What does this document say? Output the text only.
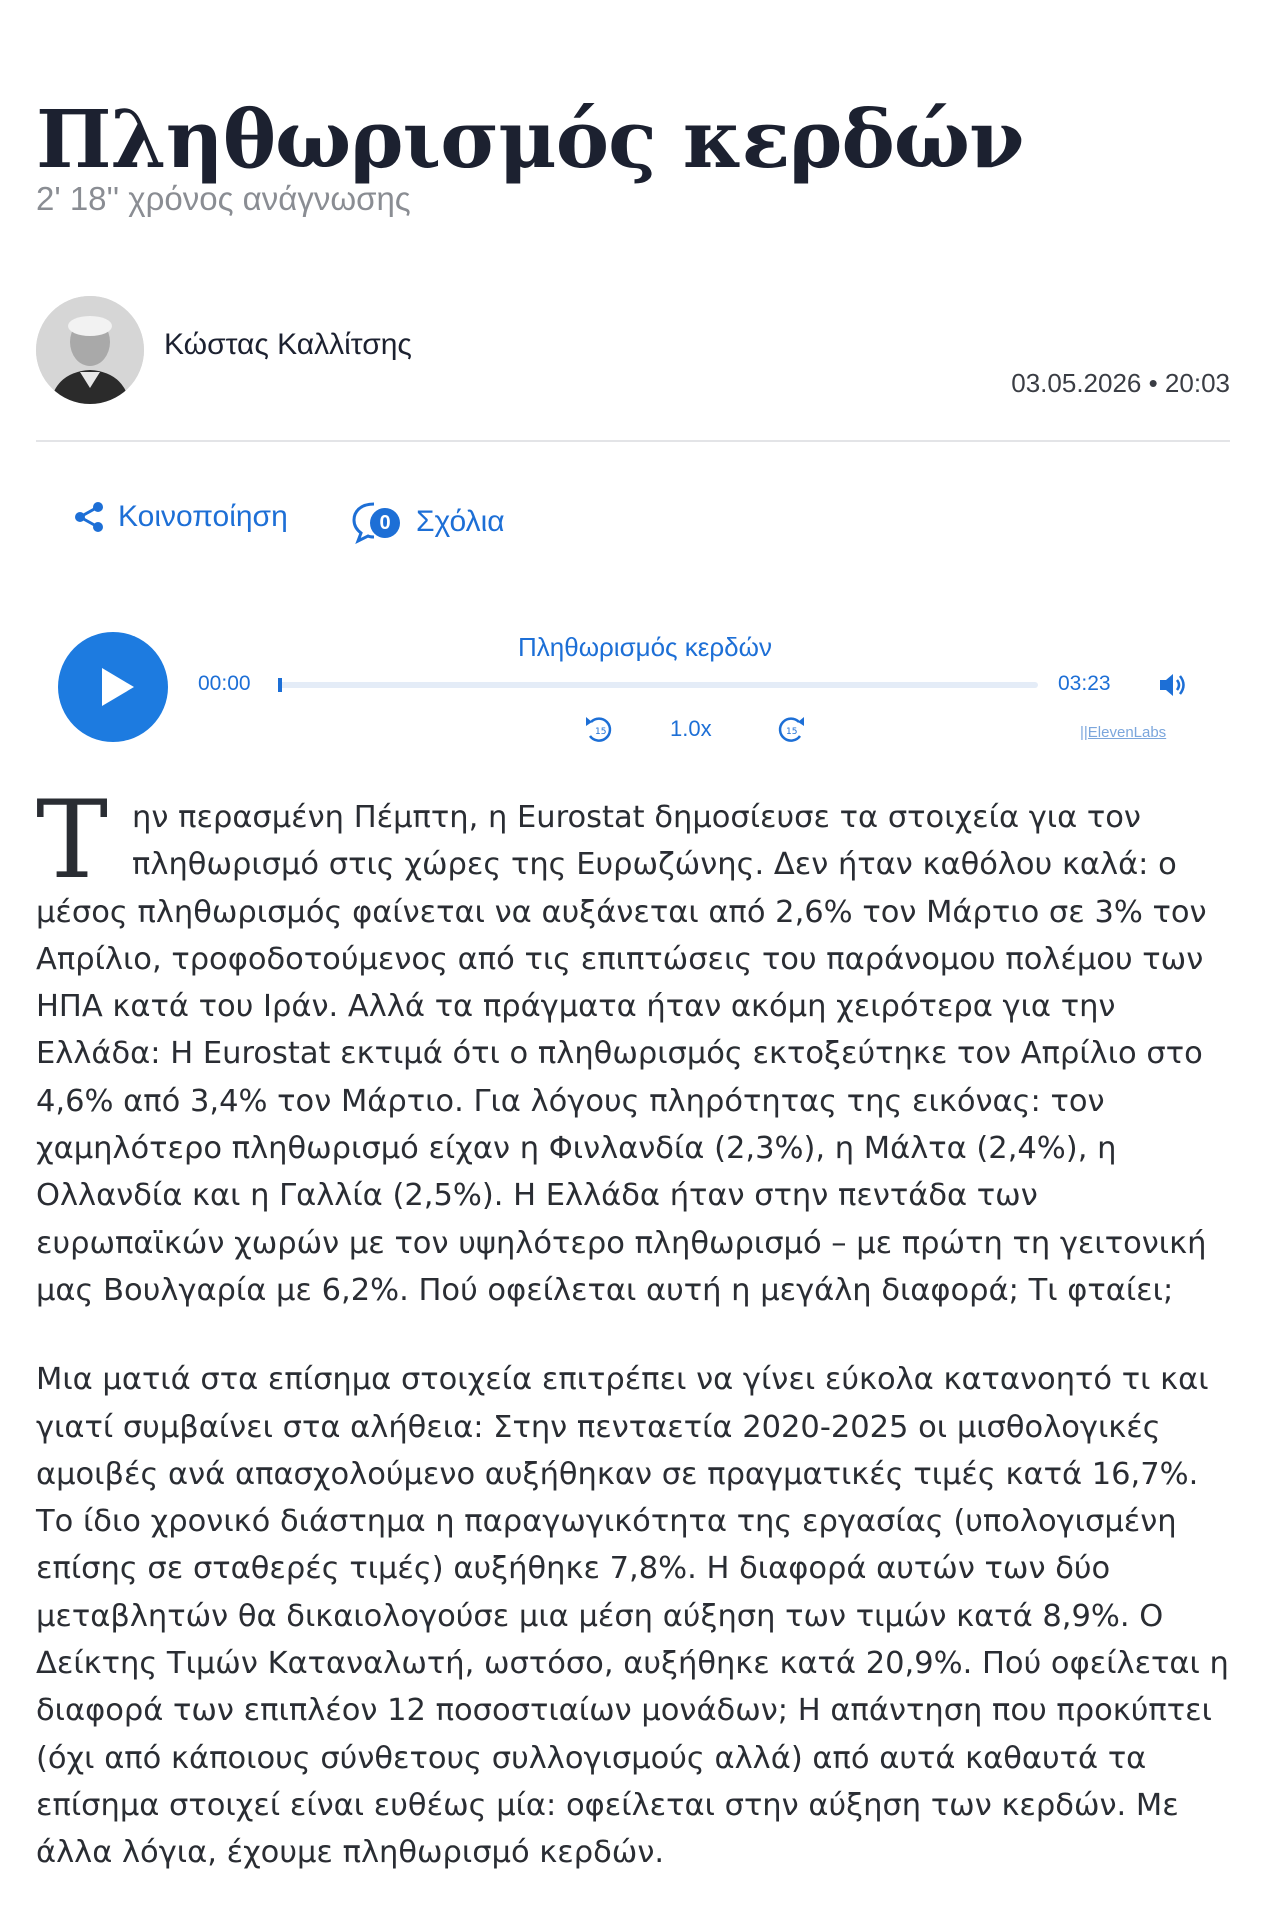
Πληθωρισμός κερδών
2' 18'' χρόνος ανάγνωσης
Κώστας Καλλίτσης
03.05.2026 • 20:03
Κοινοποίηση	0 Σχόλια
Πληθωρισμός κερδών
00:00	03:23
15	1.0x	15	||ElevenLabs

Την περασμένη Πέμπτη, η Eurostat δημοσίευσε τα στοιχεία για τον πληθωρισμό στις χώρες της Ευρωζώνης. Δεν ήταν καθόλου καλά: ο μέσος πληθωρισμός φαίνεται να αυξάνεται από 2,6% τον Μάρτιο σε 3% τον Απρίλιο, τροφοδοτούμενος από τις επιπτώσεις του παράνομου πολέμου των ΗΠΑ κατά του Ιράν. Αλλά τα πράγματα ήταν ακόμη χειρότερα για την Ελλάδα: Η Eurostat εκτιμά ότι ο πληθωρισμός εκτοξεύτηκε τον Απρίλιο στο 4,6% από 3,4% τον Μάρτιο. Για λόγους πληρότητας της εικόνας: τον χαμηλότερο πληθωρισμό είχαν η Φινλανδία (2,3%), η Μάλτα (2,4%), η Ολλανδία και η Γαλλία (2,5%). Η Ελλάδα ήταν στην πεντάδα των ευρωπαϊκών χωρών με τον υψηλότερο πληθωρισμό – με πρώτη τη γειτονική μας Βουλγαρία με 6,2%. Πού οφείλεται αυτή η μεγάλη διαφορά; Τι φταίει;

Μια ματιά στα επίσημα στοιχεία επιτρέπει να γίνει εύκολα κατανοητό τι και γιατί συμβαίνει στα αλήθεια: Στην πενταετία 2020-2025 οι μισθολογικές αμοιβές ανά απασχολούμενο αυξήθηκαν σε πραγματικές τιμές κατά 16,7%. Το ίδιο χρονικό διάστημα η παραγωγικότητα της εργασίας (υπολογισμένη επίσης σε σταθερές τιμές) αυξήθηκε 7,8%. Η διαφορά αυτών των δύο μεταβλητών θα δικαιολογούσε μια μέση αύξηση των τιμών κατά 8,9%. Ο Δείκτης Τιμών Καταναλωτή, ωστόσο, αυξήθηκε κατά 20,9%. Πού οφείλεται η διαφορά των επιπλέον 12 ποσοστιαίων μονάδων; Η απάντηση που προκύπτει (όχι από κάποιους σύνθετους συλλογισμούς αλλά) από αυτά καθαυτά τα επίσημα στοιχεί είναι ευθέως μία: οφείλεται στην αύξηση των κερδών. Με άλλα λόγια, έχουμε πληθωρισμό κερδών.
